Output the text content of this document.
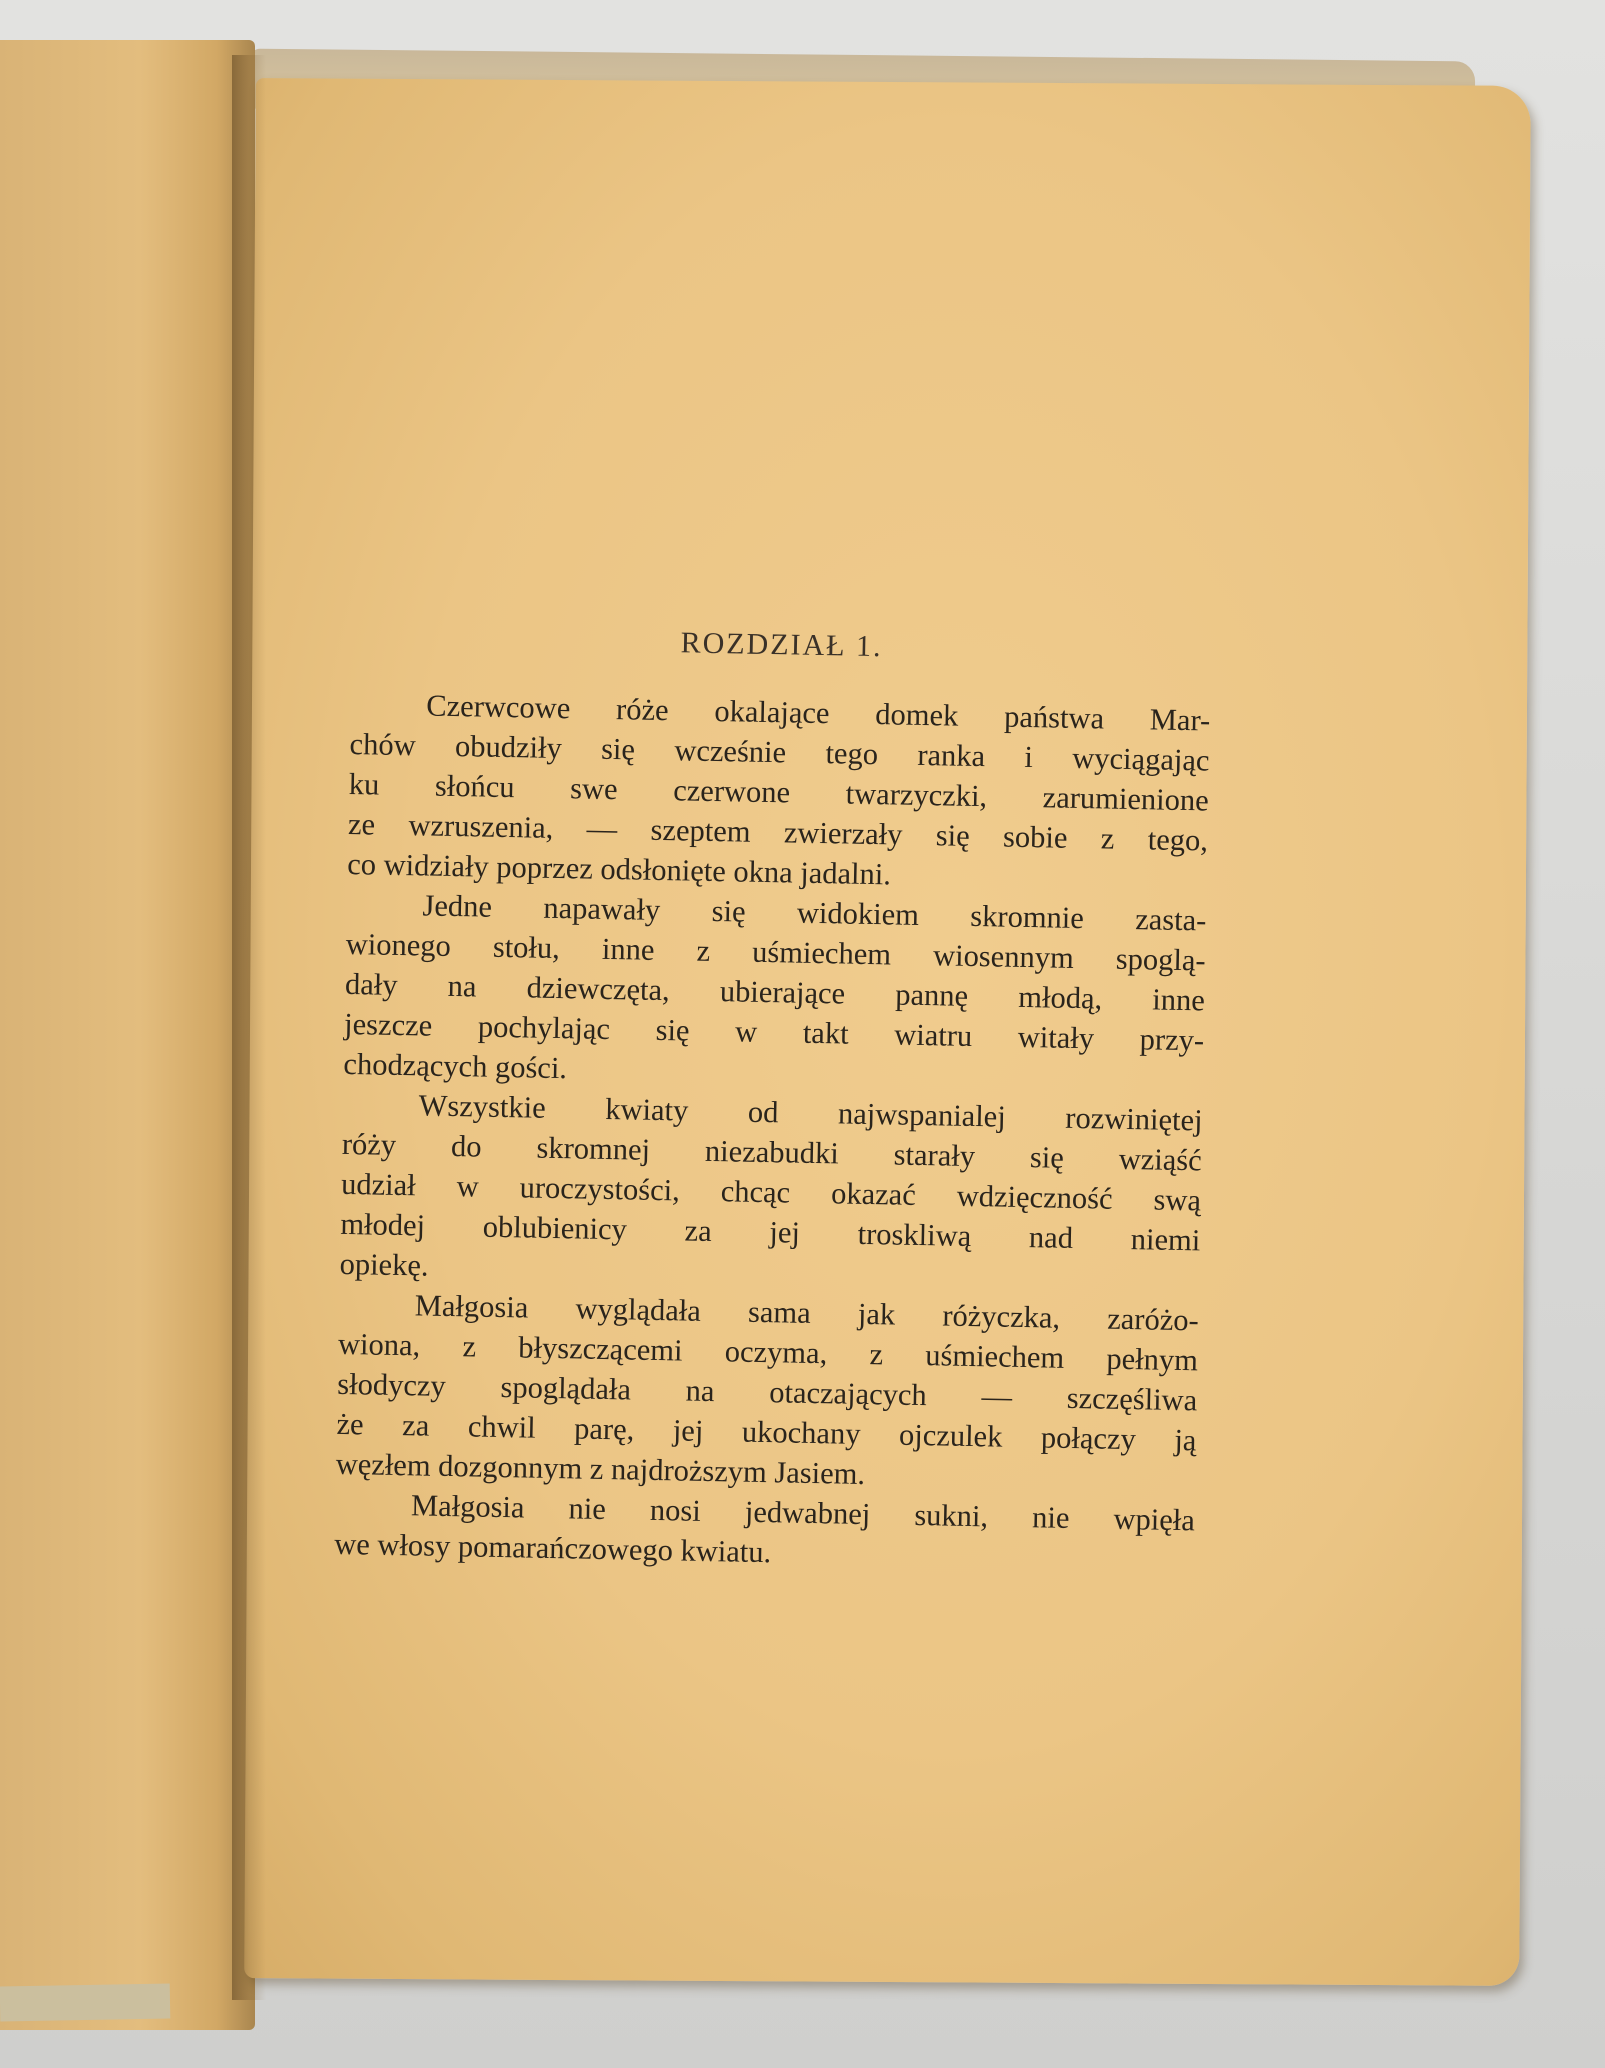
ROZDZIAŁ 1.
Czerwcowe róże okalające domek państwa Mar-
chów obudziły się wcześnie tego ranka i wyciągając
ku słońcu swe czerwone twarzyczki, zarumienione
ze wzruszenia, — szeptem zwierzały się sobie z tego,
co widziały poprzez odsłonięte okna jadalni.
Jedne napawały się widokiem skromnie zasta-
wionego stołu, inne z uśmiechem wiosennym spoglą-
dały na dziewczęta, ubierające pannę młodą, inne
jeszcze pochylając się w takt wiatru witały przy-
chodzących gości.
Wszystkie kwiaty od najwspanialej rozwiniętej
róży do skromnej niezabudki starały się wziąść
udział w uroczystości, chcąc okazać wdzięczność swą
młodej oblubienicy za jej troskliwą nad niemi
opiekę.
Małgosia wyglądała sama jak różyczka, zaróżo-
wiona, z błyszczącemi oczyma, z uśmiechem pełnym
słodyczy spoglądała na otaczających — szczęśliwa
że za chwil parę, jej ukochany ojczulek połączy ją
węzłem dozgonnym z najdroższym Jasiem.
Małgosia nie nosi jedwabnej sukni, nie wpięła
we włosy pomarańczowego kwiatu.
